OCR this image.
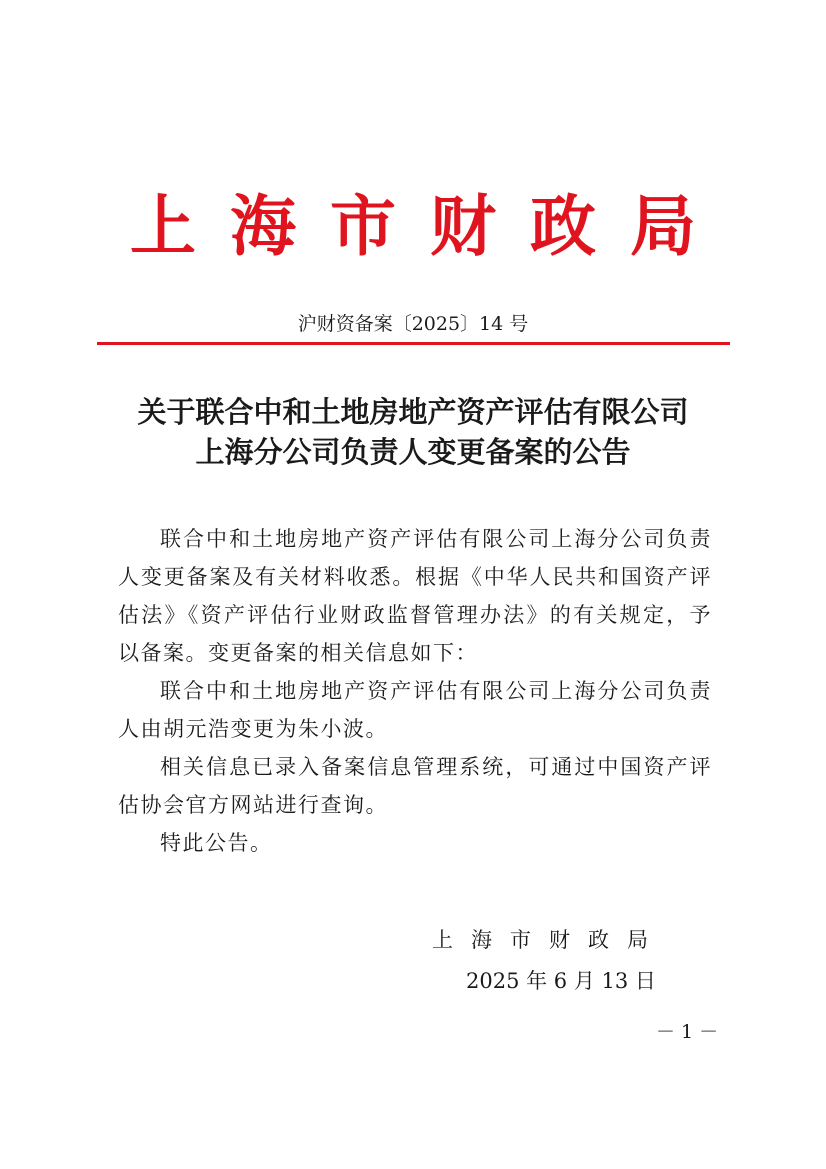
上海市财政局
沪财资备案〔2025〕14 号
关于联合中和土地房地产资产评估有限公司
上海分公司负责人变更备案的公告

联合中和土地房地产资产评估有限公司上海分公司负责人变更备案及有关材料收悉。根据《中华人民共和国资产评估法》《资产评估行业财政监督管理办法》的有关规定，予以备案。变更备案的相关信息如下：

联合中和土地房地产资产评估有限公司上海分公司负责人由胡元浩变更为朱小波。

相关信息已录入备案信息管理系统，可通过中国资产评估协会官方网站进行查询。

特此公告。

上海市财政局
2025 年 6 月 13 日
－ 1 －
